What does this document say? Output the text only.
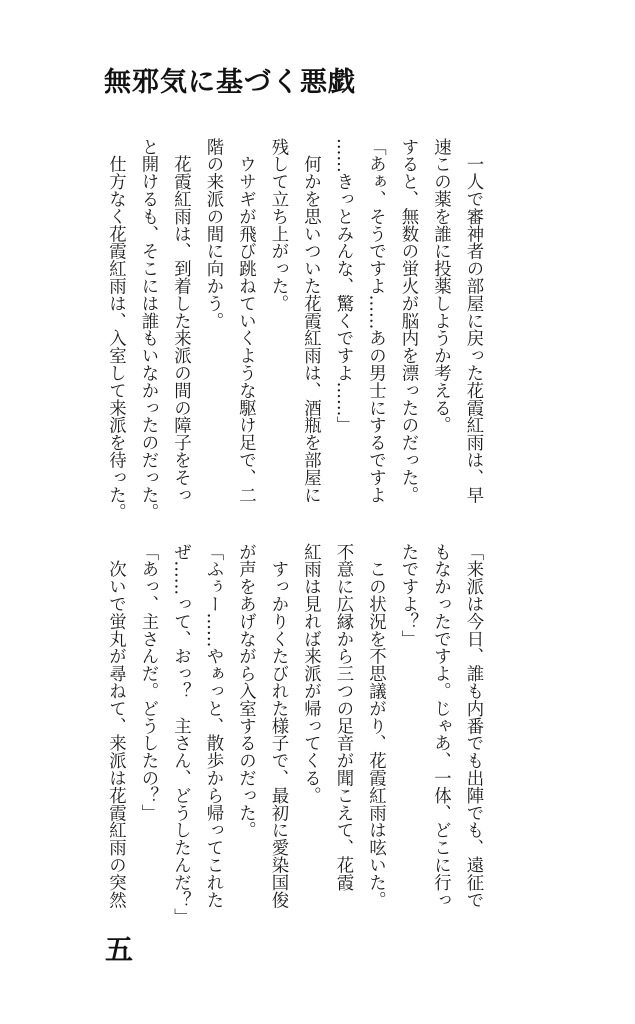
無邪気に基づく悪戯
　一人で審神者の部屋に戻った花霞紅雨は、早
速この薬を誰に投薬しようか考える。
すると、無数の蛍火が脳内を漂ったのだった。
「あぁ、そうですよ……あの男士にするですよ
……きっとみんな、驚くですよ……」
　何かを思いついた花霞紅雨は、酒瓶を部屋に
残して立ち上がった。
　ウサギが飛び跳ねていくような駆け足で、二
階の来派の間に向かう。
　花霞紅雨は、到着した来派の間の障子をそっ
と開けるも、そこには誰もいなかったのだった。
　仕方なく花霞紅雨は、入室して来派を待った。
「来派は今日、誰も内番でも出陣でも、遠征で
もなかったですよ。じゃあ、一体、どこに行っ
たですよ？」
　この状況を不思議がり、花霞紅雨は呟いた。
不意に広縁から三つの足音が聞こえて、花霞
紅雨は見れば来派が帰ってくる。
　すっかりくたびれた様子で、最初に愛染国俊
が声をあげながら入室するのだった。
「ふぅー……やぁっと、散歩から帰ってこれた
ぜ……って、おっ？　主さん、どうしたんだ？」
「あっ、主さんだ。どうしたの？」
　次いで蛍丸が尋ねて、来派は花霞紅雨の突然
五
